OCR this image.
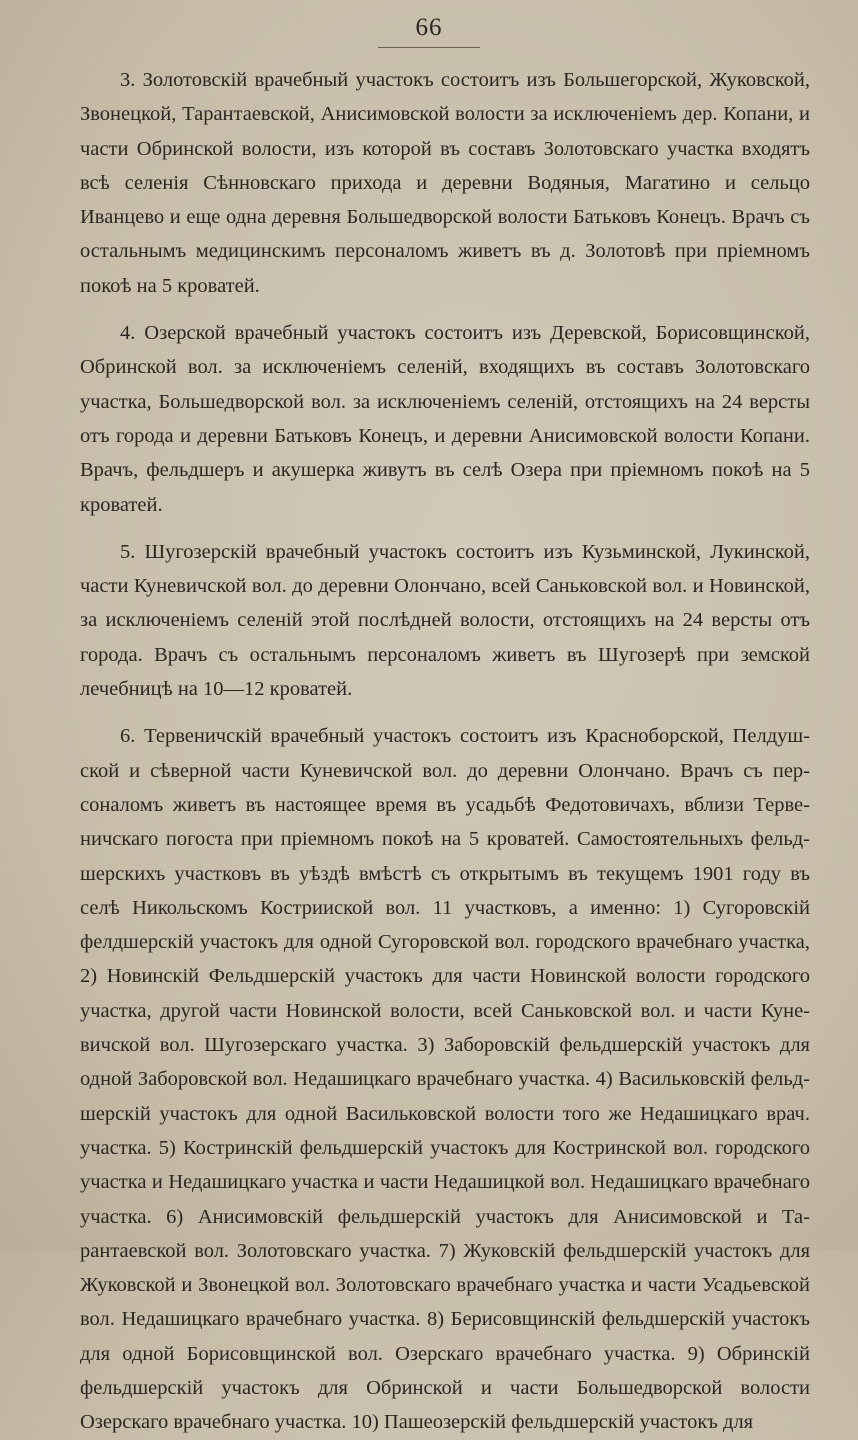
66

3. Золотовскій врачебный участокъ состоитъ изъ Большегорской, Жуковской, Звонецкой, Тарантаевской, Анисимовской волости за исключеніемъ дер. Копани, и части Обринской волости, изъ которой въ составъ Золотовскаго участка входятъ всѣ селенія Сѣнновскаго прихода и деревни Водяныя, Магатино и сельцо Иванцево и еще одна деревня Большедворской волости Батьковъ Конецъ. Врачъ съ остальнымъ медицинскимъ персоналомъ живетъ въ д. Золотовѣ при пріемномъ покоѣ на 5 кроватей.

4. Озерской врачебный участокъ состоитъ изъ Деревской, Борисовщинской, Обринской вол. за исключеніемъ селеній, входящихъ въ составъ Золотовскаго участка, Большедворской вол. за исключеніемъ селеній, отстоящихъ на 24 версты отъ города и деревни Батьковъ Конецъ, и деревни Анисимовской волости Копани. Врачъ, фельдшеръ и акушерка живутъ въ селѣ Озера при пріемномъ покоѣ на 5 кроватей.

5. Шугозерскій врачебный участокъ состоитъ изъ Кузьминской, Лукинской, части Куневичской вол. до деревни Олончано, всей Саньковской вол. и Новинской, за исключеніемъ селеній этой послѣдней волости, отстоящихъ на 24 версты отъ города. Врачъ съ остальнымъ персоналомъ живетъ въ Шугозерѣ при земской лечебницѣ на 10—12 кроватей.

6. Тервеничскій врачебный участокъ состоитъ изъ Красноборской, Пелдушской и сѣверной части Куневичской вол. до деревни Олончано. Врачъ съ персоналомъ живетъ въ настоящее время въ усадьбѣ Федотовичахъ, вблизи Тервеничскаго погоста при пріемномъ покоѣ на 5 кроватей. Самостоятельныхъ фельдшерскихъ участковъ въ уѣздѣ вмѣстѣ съ открытымъ въ текущемъ 1901 году въ селѣ Никольскомъ Кострииской вол. 11 участковъ, а именно: 1) Сугоровскій фелдшерскій участокъ для одной Сугоровской вол. городского врачебнаго участка, 2) Новинскій Фельдшерскій участокъ для части Новинской волости городского участка, другой части Новинской волости, всей Саньковской вол. и части Куневичской вол. Шугозерскаго участка. 3) Заборовскій фельдшерскій участокъ для одной Заборовской вол. Недашицкаго врачебнаго участка. 4) Васильковскій фельдшерскій участокъ для одной Васильковской волости того же Недашицкаго врач. участка. 5) Костринскій фельдшерскій участокъ для Костринской вол. городского участка и Недашицкаго участка и части Недашицкой вол. Недашицкаго врачебнаго участка. 6) Анисимовскій фельдшерскій участокъ для Анисимовской и Тарантаевской вол. Золотовскаго участка. 7) Жуковскій фельдшерскій участокъ для Жуковской и Звонецкой вол. Золотовскаго врачебнаго участка и части Усадьевской вол. Недашицкаго врачебнаго участка. 8) Берисовщинскій фельдшерскій участокъ для одной Борисовщинской вол. Озерскаго врачебнаго участка. 9) Обринскій фельдшерскій участокъ для Обринской и части Большедворской волости Озерскаго врачебнаго участка. 10) Пашеозерскій фельдшерскій участокъ для
